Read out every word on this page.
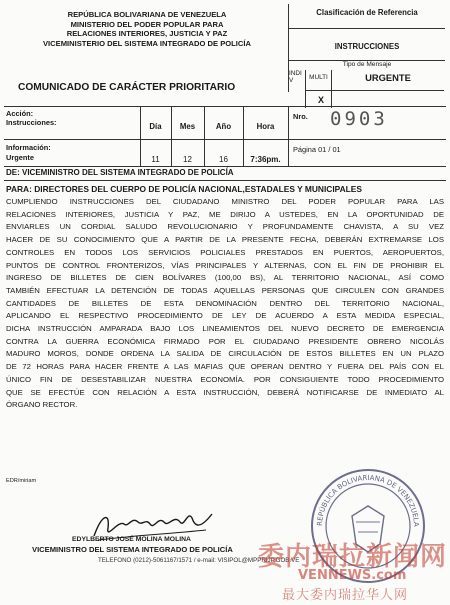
REPÚBLICA BOLIVARIANA DE VENEZUELA
MINISTERIO DEL PODER POPULAR PARA
RELACIONES INTERIORES, JUSTICIA Y PAZ
VICEMINISTERIO DEL SISTEMA INTEGRADO DE POLICÍA
Clasificación de Referencia
INSTRUCCIONES
Tipo de Mensaje
INDI V	MULTI
X
URGENTE
COMUNICADO DE CARÁCTER PRIORITARIO
Acción:
Instrucciones:
Información:
Urgente
Día	Mes	Año	Hora
11	12	16	7:36pm.
Nro. 0903
Página 01 / 01
DE: VICEMINISTRO DEL SISTEMA INTEGRADO DE POLICÍA
PARA: DIRECTORES DEL CUERPO DE POLICÍA NACIONAL,ESTADALES Y MUNICIPALES
CUMPLIENDO INSTRUCCIONES DEL CIUDADANO MINISTRO DEL PODER POPULAR PARA LAS
RELACIONES INTERIORES, JUSTICIA Y PAZ, ME DIRIJO A USTEDES, EN LA OPORTUNIDAD DE
ENVIARLES UN CORDIAL SALUDO REVOLUCIONARIO Y PROFUNDAMENTE CHAVISTA, A SU VEZ
HACER DE SU CONOCIMIENTO QUE A PARTIR DE LA PRESENTE FECHA, DEBERÁN EXTREMARSE LOS
CONTROLES EN TODOS LOS SERVICIOS POLICIALES PRESTADOS EN PUERTOS, AEROPUERTOS,
PUNTOS DE CONTROL FRONTERIZOS, VÍAS PRINCIPALES Y ALTERNAS, CON EL FIN DE PROHIBIR EL
INGRESO DE BILLETES DE CIEN BOLÍVARES (100,00 BS), AL TERRITORIO NACIONAL, ASÍ COMO
TAMBIÉN EFECTUAR LA DETENCIÓN DE TODAS AQUELLAS PERSONAS QUE CIRCULEN CON GRANDES
CANTIDADES DE BILLETES DE ESTA DENOMINACIÓN DENTRO DEL TERRITORIO NACIONAL,
APLICANDO EL RESPECTIVO PROCEDIMIENTO DE LEY DE ACUERDO A ESTA MEDIDA ESPECIAL,
DICHA INSTRUCCIÓN AMPARADA BAJO LOS LINEAMIENTOS DEL NUEVO DECRETO DE EMERGENCIA
CONTRA LA GUERRA ECONÓMICA FIRMADO POR EL CIUDADANO PRESIDENTE OBRERO NICOLÁS
MADURO MOROS, DONDE ORDENA LA SALIDA DE CIRCULACIÓN DE ESTOS BILLETES EN UN PLAZO
DE 72 HORAS PARA HACER FRENTE A LAS MAFIAS QUE OPERAN DENTRO Y FUERA DEL PAÍS CON EL
ÚNICO FIN DE DESESTABILIZAR NUESTRA ECONOMÍA. POR CONSIGUIENTE TODO PROCEDIMIENTO
QUE SE EFECTÚE CON RELACIÓN A ESTA INSTRUCCIÓN, DEBERÁ NOTIFICARSE DE INMEDIATO AL
ÓRGANO RECTOR.
EDR/miriam
EDYLBERTO JOSÉ MOLINA MOLINA
VICEMINISTRO DEL SISTEMA INTEGRADO DE POLICÍA
TELEFONO (0212)-5061167/1571 / e-mail: VISIPOL@MPPRIJP.GOB.VE
REPÚBLICA BOLIVARIANA DE VENEZUELA
委内瑞拉新闻网
VENNEWS.com
最大委内瑞拉华人网
